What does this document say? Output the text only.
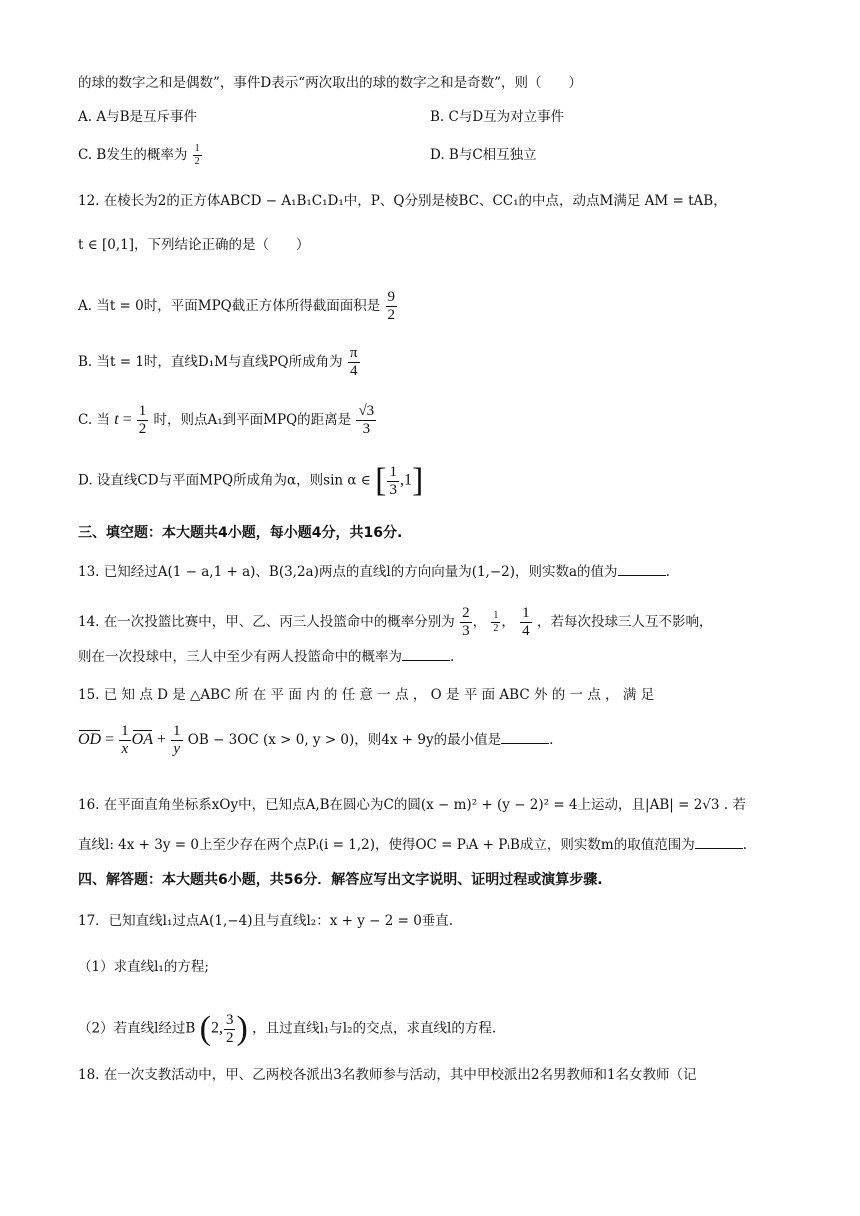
的球的数字之和是偶数”，事件D表示“两次取出的球的数字之和是奇数”，则（　　）
A. A与B是互斥事件	B. C与D互为对立事件
C. B发生的概率为 $\frac{1}{2}$	D. B与C相互独立
12. 在棱长为2的正方体ABCD − A₁B₁C₁D₁中，P、Q分别是棱BC、CC₁的中点，动点M满足 AM = tAB，
t ∈ [0,1]，下列结论正确的是（　　）
A. 当t = 0时，平面MPQ截正方体所得截面面积是 $\frac{9}{2}$
B. 当t = 1时，直线D₁M与直线PQ所成角为 $\frac{\pi}{4}$
C. 当 $t = \frac{1}{2}$ 时，则点A₁到平面MPQ的距离是 $\frac{√3}{3}$
D. 设直线CD与平面MPQ所成角为α，则sin α ∈ [ $\frac{1}{3} ,1$]
三、填空题：本大题共4小题，每小题4分，共16分.
13. 已知经过A(1 − a,1 + a)、B(3,2a)两点的直线l的方向向量为(1,−2)，则实数a的值为	.
14. 在一次投篮比赛中，甲、乙、丙三人投篮命中的概率分别为 $\frac{2}{3}$ ， $\frac{1}{2}$ ， $\frac{1}{4}$ ，若每次投球三人互不影响，
则在一次投球中，三人中至少有两人投篮命中的概率为	.
15. 已 知 点 D 是 △ABC 所 在 平 面 内 的 任 意 一 点 ， O 是 平 面 ABC 外 的 一 点 ， 满 足
OD = $\frac{1}{x}$ OA + $\frac{1}{y}$ OB − 3OC (x > 0, y > 0)，则4x + 9y的最小值是	.
16. 在平面直角坐标系xOy中，已知点A,B在圆心为C的圆(x − m)² + (y − 2)² = 4上运动，且|AB| = 2√3 . 若
直线l: 4x + 3y = 0上至少存在两个点Pᵢ(i = 1,2)，使得OC = PᵢA + PᵢB成立，则实数m的取值范围为	.
四、解答题：本大题共6小题，共56分．解答应写出文字说明、证明过程或演算步骤.
17．已知直线l₁过点A(1,−4)且与直线l₂：x + y − 2 = 0垂直.
（1）求直线l₁的方程;
（2）若直线l经过B (2, $\frac{3}{2}$ ) ，且过直线l₁与l₂的交点，求直线l的方程.
18. 在一次支教活动中，甲、乙两校各派出3名教师参与活动，其中甲校派出2名男教师和1名女教师（记
